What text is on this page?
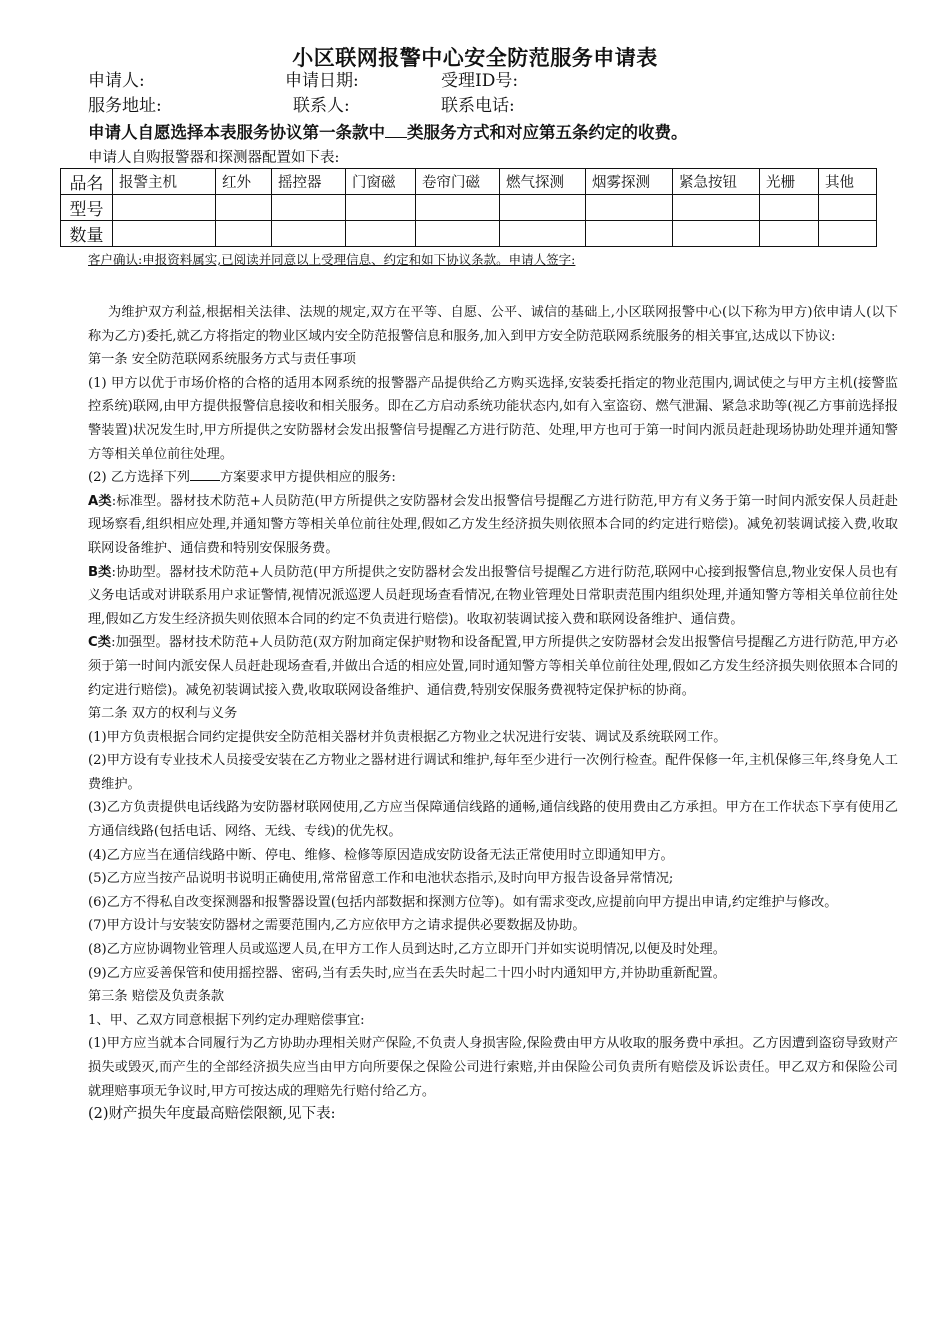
小区联网报警中心安全防范服务申请表
申请人:	申请日期:	受理ID号:
服务地址:	联系人:	联系电话:
申请人自愿选择本表服务协议第一条款中 类服务方式和对应第五条约定的收费。
申请人自购报警器和探测器配置如下表:
品名	报警主机	红外	摇控器	门窗磁	卷帘门磁	燃气探测	烟雾探测	紧急按钮	光栅	其他
型号										
数量										
客户确认:申报资料属实,已阅读并同意以上受理信息、约定和如下协议条款。申请人签字:

为维护双方利益,根据相关法律、法规的规定,双方在平等、自愿、公平、诚信的基础上,小区联网报警中心(以下称为甲方)依申请人(以下称为乙方)委托,就乙方将指定的物业区域内安全防范报警信息和服务,加入到甲方安全防范联网系统服务的相关事宜,达成以下协议:

第一条 安全防范联网系统服务方式与责任事项

(1) 甲方以优于市场价格的合格的适用本网系统的报警器产品提供给乙方购买选择,安装委托指定的物业范围内,调试使之与甲方主机(接警监控系统)联网,由甲方提供报警信息接收和相关服务。即在乙方启动系统功能状态内,如有入室盗窃、燃气泄漏、紧急求助等(视乙方事前选择报警装置)状况发生时,甲方所提供之安防器材会发出报警信号提醒乙方进行防范、处理,甲方也可于第一时间内派员赶赴现场协助处理并通知警方等相关单位前往处理。

(2) 乙方选择下列 方案要求甲方提供相应的服务:

A类:标准型。器材技术防范+人员防范(甲方所提供之安防器材会发出报警信号提醒乙方进行防范,甲方有义务于第一时间内派安保人员赶赴现场察看,组织相应处理,并通知警方等相关单位前往处理,假如乙方发生经济损失则依照本合同的约定进行赔偿)。减免初装调试接入费,收取联网设备维护、通信费和特别安保服务费。

B类:协助型。器材技术防范+人员防范(甲方所提供之安防器材会发出报警信号提醒乙方进行防范,联网中心接到报警信息,物业安保人员也有义务电话或对讲联系用户求证警情,视情况派巡逻人员赶现场查看情况,在物业管理处日常职责范围内组织处理,并通知警方等相关单位前往处理,假如乙方发生经济损失则依照本合同的约定不负责进行赔偿)。收取初装调试接入费和联网设备维护、通信费。

C类:加强型。器材技术防范+人员防范(双方附加商定保护财物和设备配置,甲方所提供之安防器材会发出报警信号提醒乙方进行防范,甲方必须于第一时间内派安保人员赶赴现场查看,并做出合适的相应处置,同时通知警方等相关单位前往处理,假如乙方发生经济损失则依照本合同的约定进行赔偿)。减免初装调试接入费,收取联网设备维护、通信费,特别安保服务费视特定保护标的协商。

第二条 双方的权利与义务

(1)甲方负责根据合同约定提供安全防范相关器材并负责根据乙方物业之状况进行安装、调试及系统联网工作。

(2)甲方设有专业技术人员接受安装在乙方物业之器材进行调试和维护,每年至少进行一次例行检查。配件保修一年,主机保修三年,终身免人工费维护。

(3)乙方负责提供电话线路为安防器材联网使用,乙方应当保障通信线路的通畅,通信线路的使用费由乙方承担。甲方在工作状态下享有使用乙方通信线路(包括电话、网络、无线、专线)的优先权。

(4)乙方应当在通信线路中断、停电、维修、检修等原因造成安防设备无法正常使用时立即通知甲方。

(5)乙方应当按产品说明书说明正确使用,常常留意工作和电池状态指示,及时向甲方报告设备异常情况;

(6)乙方不得私自改变探测器和报警器设置(包括内部数据和探测方位等)。如有需求变改,应提前向甲方提出申请,约定维护与修改。

(7)甲方设计与安装安防器材之需要范围内,乙方应依甲方之请求提供必要数据及协助。

(8)乙方应协调物业管理人员或巡逻人员,在甲方工作人员到达时,乙方立即开门并如实说明情况,以便及时处理。

(9)乙方应妥善保管和使用摇控器、密码,当有丢失时,应当在丢失时起二十四小时内通知甲方,并协助重新配置。

第三条 赔偿及负责条款

1、甲、乙双方同意根据下列约定办理赔偿事宜:

(1)甲方应当就本合同履行为乙方协助办理相关财产保险,不负责人身损害险,保险费由甲方从收取的服务费中承担。乙方因遭到盗窃导致财产损失或毁灭,而产生的全部经济损失应当由甲方向所要保之保险公司进行索赔,并由保险公司负责所有赔偿及诉讼责任。甲乙双方和保险公司就理赔事项无争议时,甲方可按达成的理赔先行赔付给乙方。

(2)财产损失年度最高赔偿限额,见下表:
